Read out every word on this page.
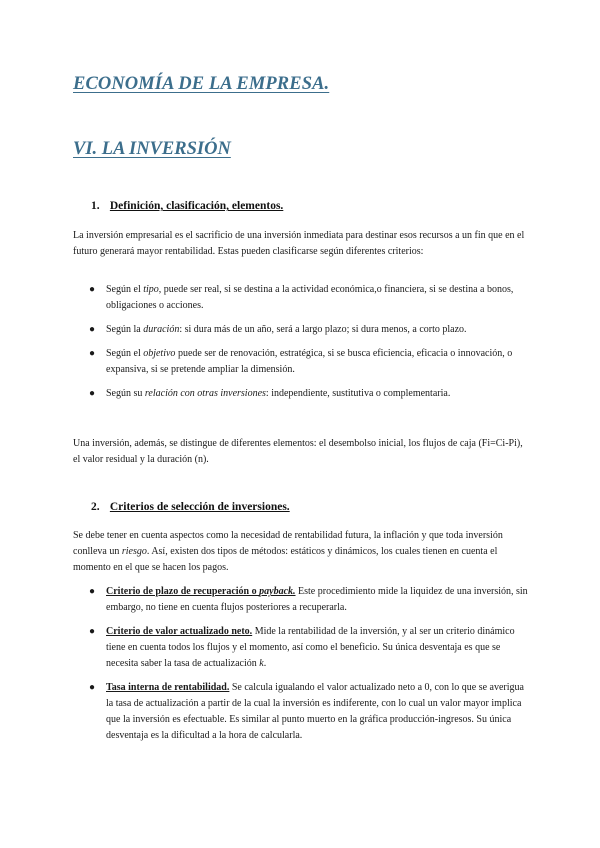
ECONOMÍA DE LA EMPRESA.
VI. LA INVERSIÓN
1. Definición, clasificación, elementos.

La inversión empresarial es el sacrificio de una inversión inmediata para destinar esos recursos a un fin que en el futuro generará mayor rentabilidad. Estas pueden clasificarse según diferentes criterios:

● Según el tipo, puede ser real, si se destina a la actividad económica,o financiera, si se destina a bonos, obligaciones o acciones.
● Según la duración: si dura más de un año, será a largo plazo; si dura menos, a corto plazo.
● Según el objetivo puede ser de renovación, estratégica, si se busca eficiencia, eficacia o innovación, o expansiva, si se pretende ampliar la dimensión.
● Según su relación con otras inversiones: independiente, sustitutiva o complementaria.

Una inversión, además, se distingue de diferentes elementos: el desembolso inicial, los flujos de caja (Fi=Ci-Pi), el valor residual y la duración (n).

2. Criterios de selección de inversiones.

Se debe tener en cuenta aspectos como la necesidad de rentabilidad futura, la inflación y que toda inversión conlleva un riesgo. Así, existen dos tipos de métodos: estáticos y dinámicos, los cuales tienen en cuenta el momento en el que se hacen los pagos.

● Criterio de plazo de recuperación o payback. Este procedimiento mide la liquidez de una inversión, sin embargo, no tiene en cuenta flujos posteriores a recuperarla.
● Criterio de valor actualizado neto. Mide la rentabilidad de la inversión, y al ser un criterio dinámico tiene en cuenta todos los flujos y el momento, así como el beneficio. Su única desventaja es que se necesita saber la tasa de actualización k.
● Tasa interna de rentabilidad. Se calcula igualando el valor actualizado neto a 0, con lo que se averigua la tasa de actualización a partir de la cual la inversión es indiferente, con lo cual un valor mayor implica que la inversión es efectuable. Es similar al punto muerto en la gráfica producción-ingresos. Su única desventaja es la dificultad a la hora de calcularla.
